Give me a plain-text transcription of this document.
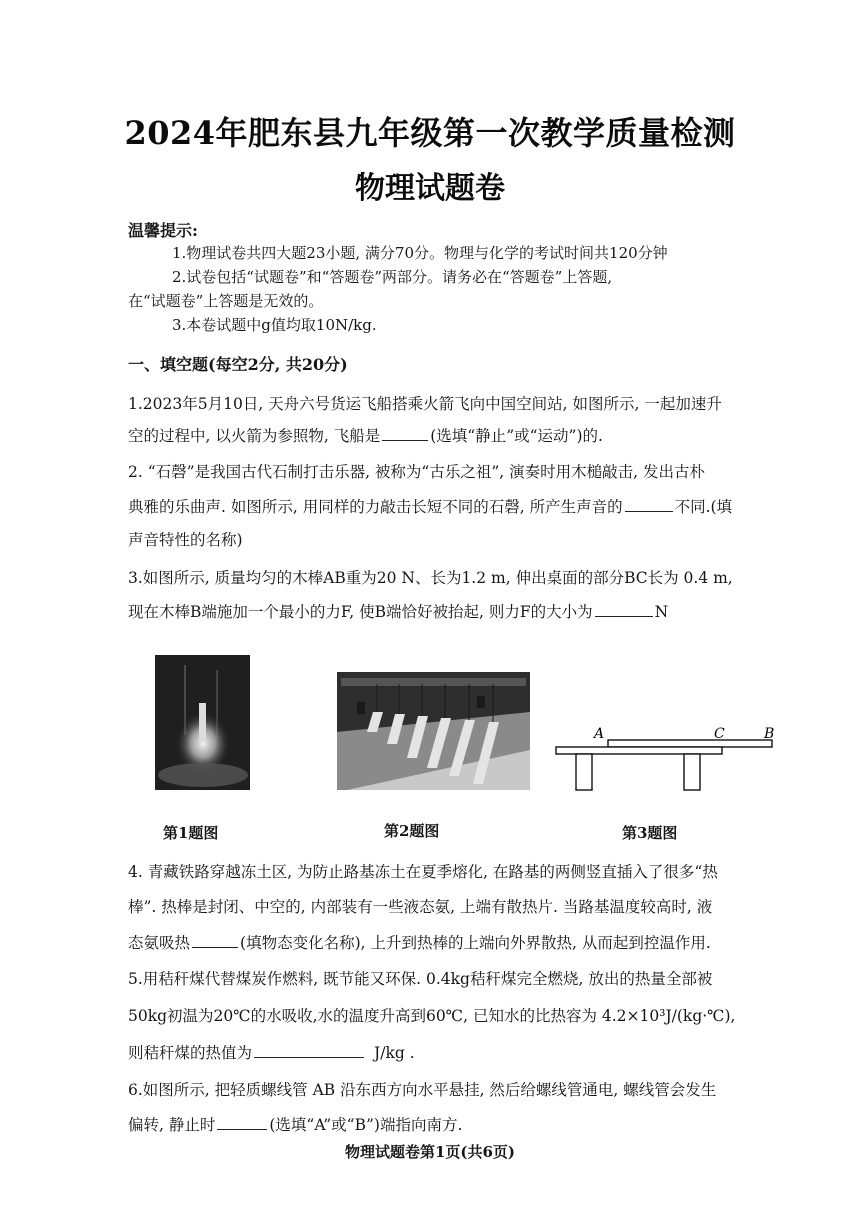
2024年肥东县九年级第一次教学质量检测
物理试题卷
温馨提示:
1.物理试卷共四大题23小题, 满分70分。物理与化学的考试时间共120分钟
2.试卷包括“试题卷”和“答题卷”两部分。请务必在“答题卷”上答题,
在“试题卷”上答题是无效的。
3.本卷试题中g值均取10N/kg.
一、填空题(每空2分, 共20分)
1.2023年5月10日, 天舟六号货运飞船搭乘火箭飞向中国空间站, 如图所示, 一起加速升
空的过程中, 以火箭为参照物, 飞船是	(选填“静止”或“运动”)的.
2. “石磬”是我国古代石制打击乐器, 被称为“古乐之祖”, 演奏时用木槌敲击, 发出古朴
典雅的乐曲声. 如图所示, 用同样的力敲击长短不同的石磬, 所产生声音的	不同.(填
声音特性的名称)
3.如图所示, 质量均匀的木棒AB重为20 N、长为1.2 m, 伸出桌面的部分BC长为 0.4 m,
现在木棒B端施加一个最小的力F, 使B端恰好被抬起, 则力F的大小为	N
第1题图	第2题图
A	C	B
第3题图
4. 青藏铁路穿越冻土区, 为防止路基冻土在夏季熔化, 在路基的两侧竖直插入了很多“热
棒”. 热棒是封闭、中空的, 内部装有一些液态氨, 上端有散热片. 当路基温度较高时, 液
态氨吸热	(填物态变化名称), 上升到热棒的上端向外界散热, 从而起到控温作用.
5.用秸秆煤代替煤炭作燃料, 既节能又环保. 0.4kg秸秆煤完全燃烧, 放出的热量全部被
50kg初温为20℃的水吸收,水的温度升高到60℃, 已知水的比热容为 4.2×10³J/(kg·℃),
则秸秆煤的热值为	J/kg .
6.如图所示, 把轻质螺线管 AB 沿东西方向水平悬挂, 然后给螺线管通电, 螺线管会发生
偏转, 静止时	(选填“A”或“B”)端指向南方.
物理试题卷第1页(共6页)
